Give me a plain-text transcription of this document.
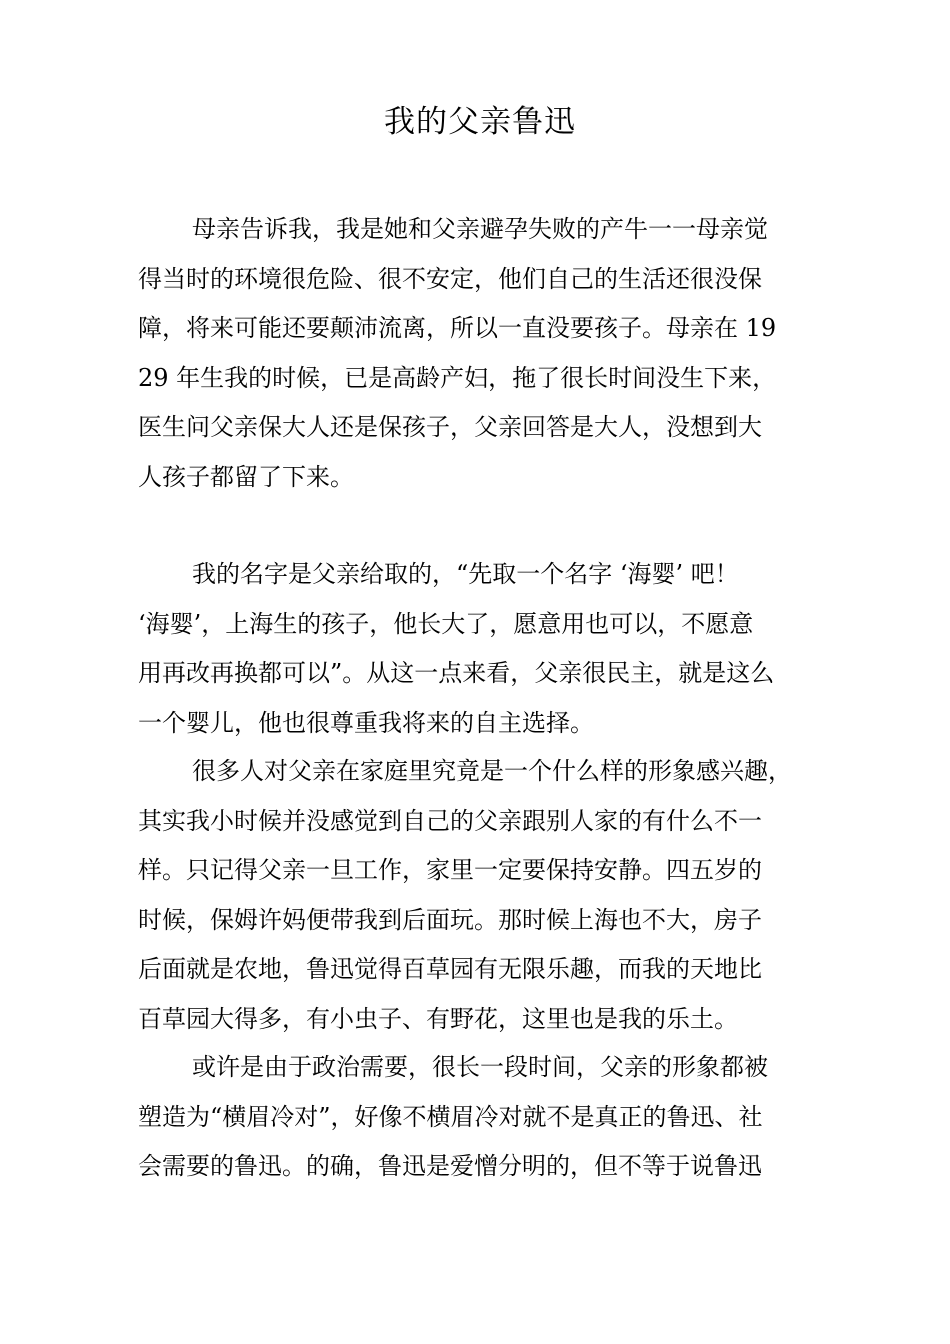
我的父亲鲁迅
母亲告诉我，我是她和父亲避孕失败的产牛一一母亲觉
得当时的环境很危险、很不安定，他们自己的生活还很没保
障，将来可能还要颠沛流离，所以一直没要孩子。母亲在 19
29 年生我的时候，已是高龄产妇，拖了很长时间没生下来，
医生问父亲保大人还是保孩子，父亲回答是大人，没想到大
人孩子都留了下来。
我的名字是父亲给取的，“先取一个名字 ‘海婴’ 吧！
‘海婴’，上海生的孩子，他长大了，愿意用也可以，不愿意
用再改再换都可以”。从这一点来看，父亲很民主，就是这么
一个婴儿，他也很尊重我将来的自主选择。
很多人对父亲在家庭里究竟是一个什么样的形象感兴趣，
其实我小时候并没感觉到自己的父亲跟别人家的有什么不一
样。只记得父亲一旦工作，家里一定要保持安静。四五岁的
时候，保姆许妈便带我到后面玩。那时候上海也不大，房子
后面就是农地，鲁迅觉得百草园有无限乐趣，而我的天地比
百草园大得多，有小虫子、有野花，这里也是我的乐土。
或许是由于政治需要，很长一段时间，父亲的形象都被
塑造为“横眉冷对”，好像不横眉冷对就不是真正的鲁迅、社
会需要的鲁迅。的确，鲁迅是爱憎分明的，但不等于说鲁迅
